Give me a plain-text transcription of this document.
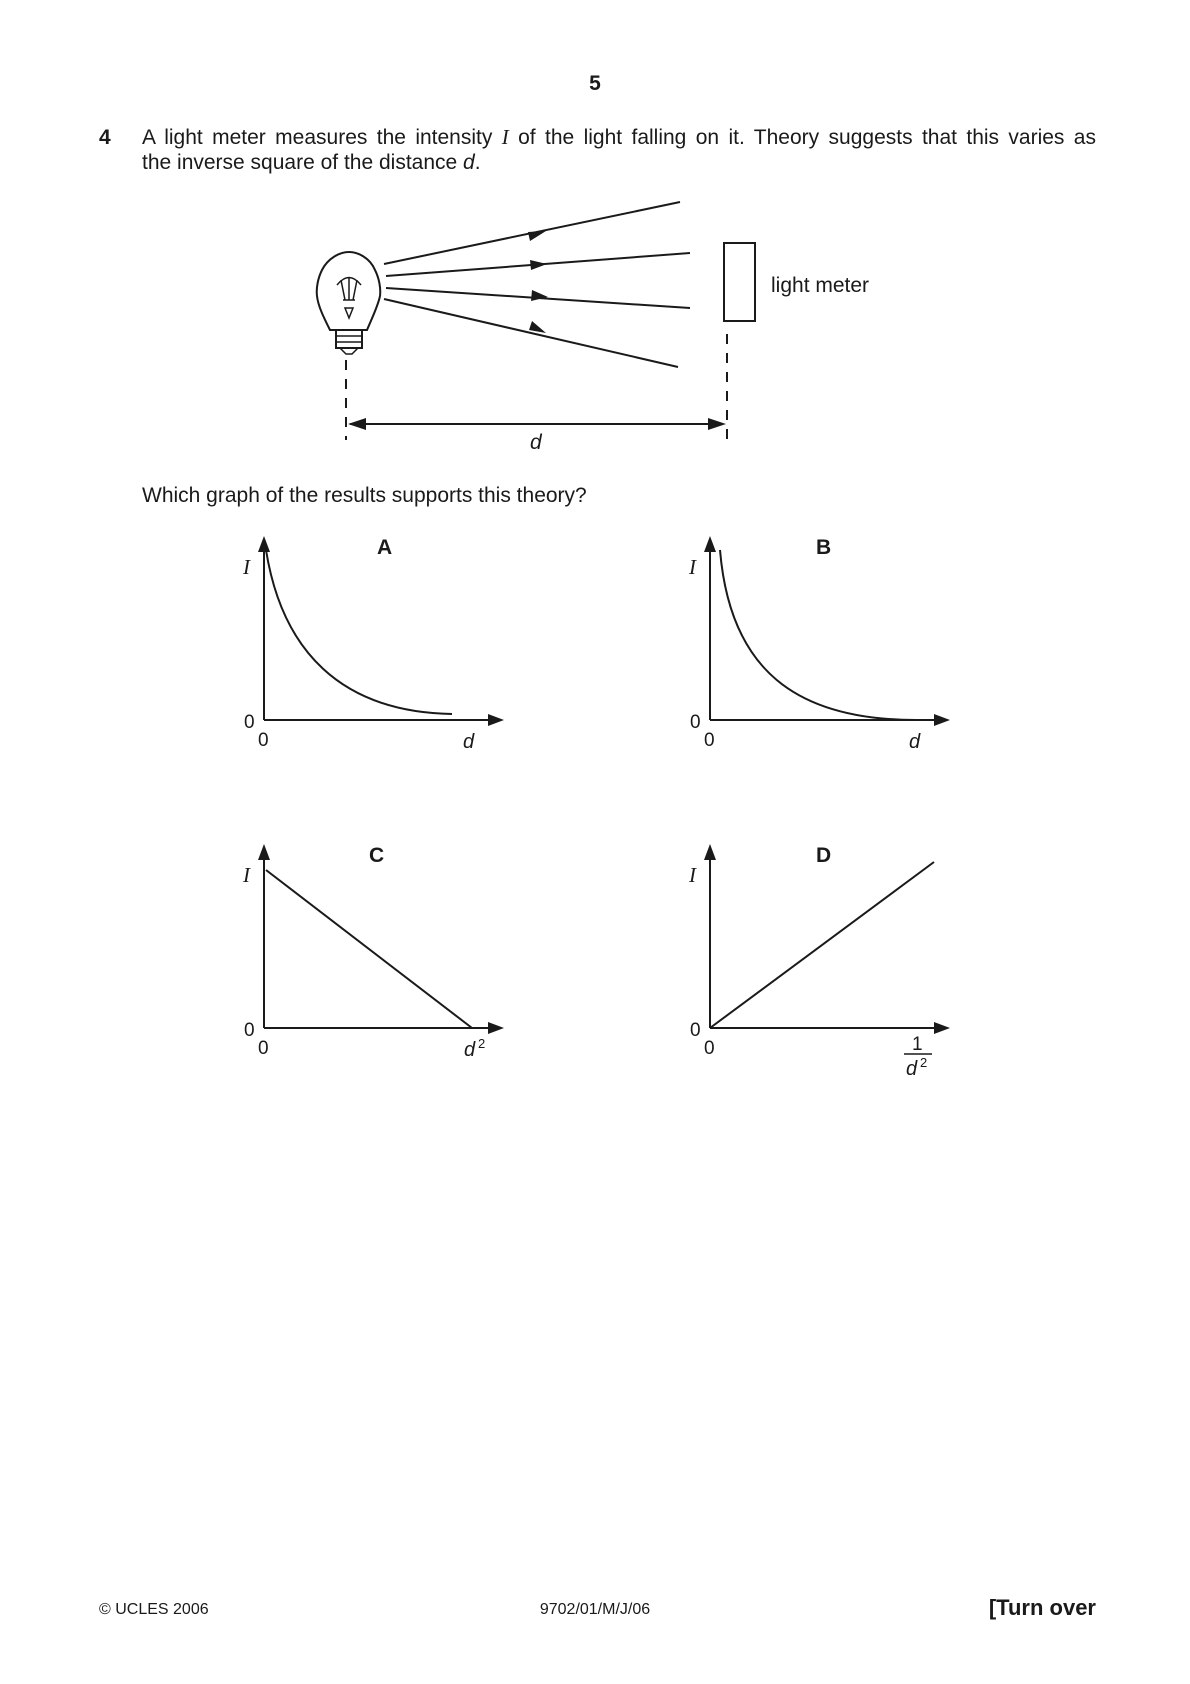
5
4 A light meter measures the intensity I of the light falling on it. Theory suggests that this varies as
the inverse square of the distance d.
light meter
d
Which graph of the results supports this theory?
A
I
0
0	d
B
I
0
0	d
C
I
0
0	d 2
D
I
0
0	1
d 2
© UCLES 2006	9702/01/M/J/06	[Turn over
